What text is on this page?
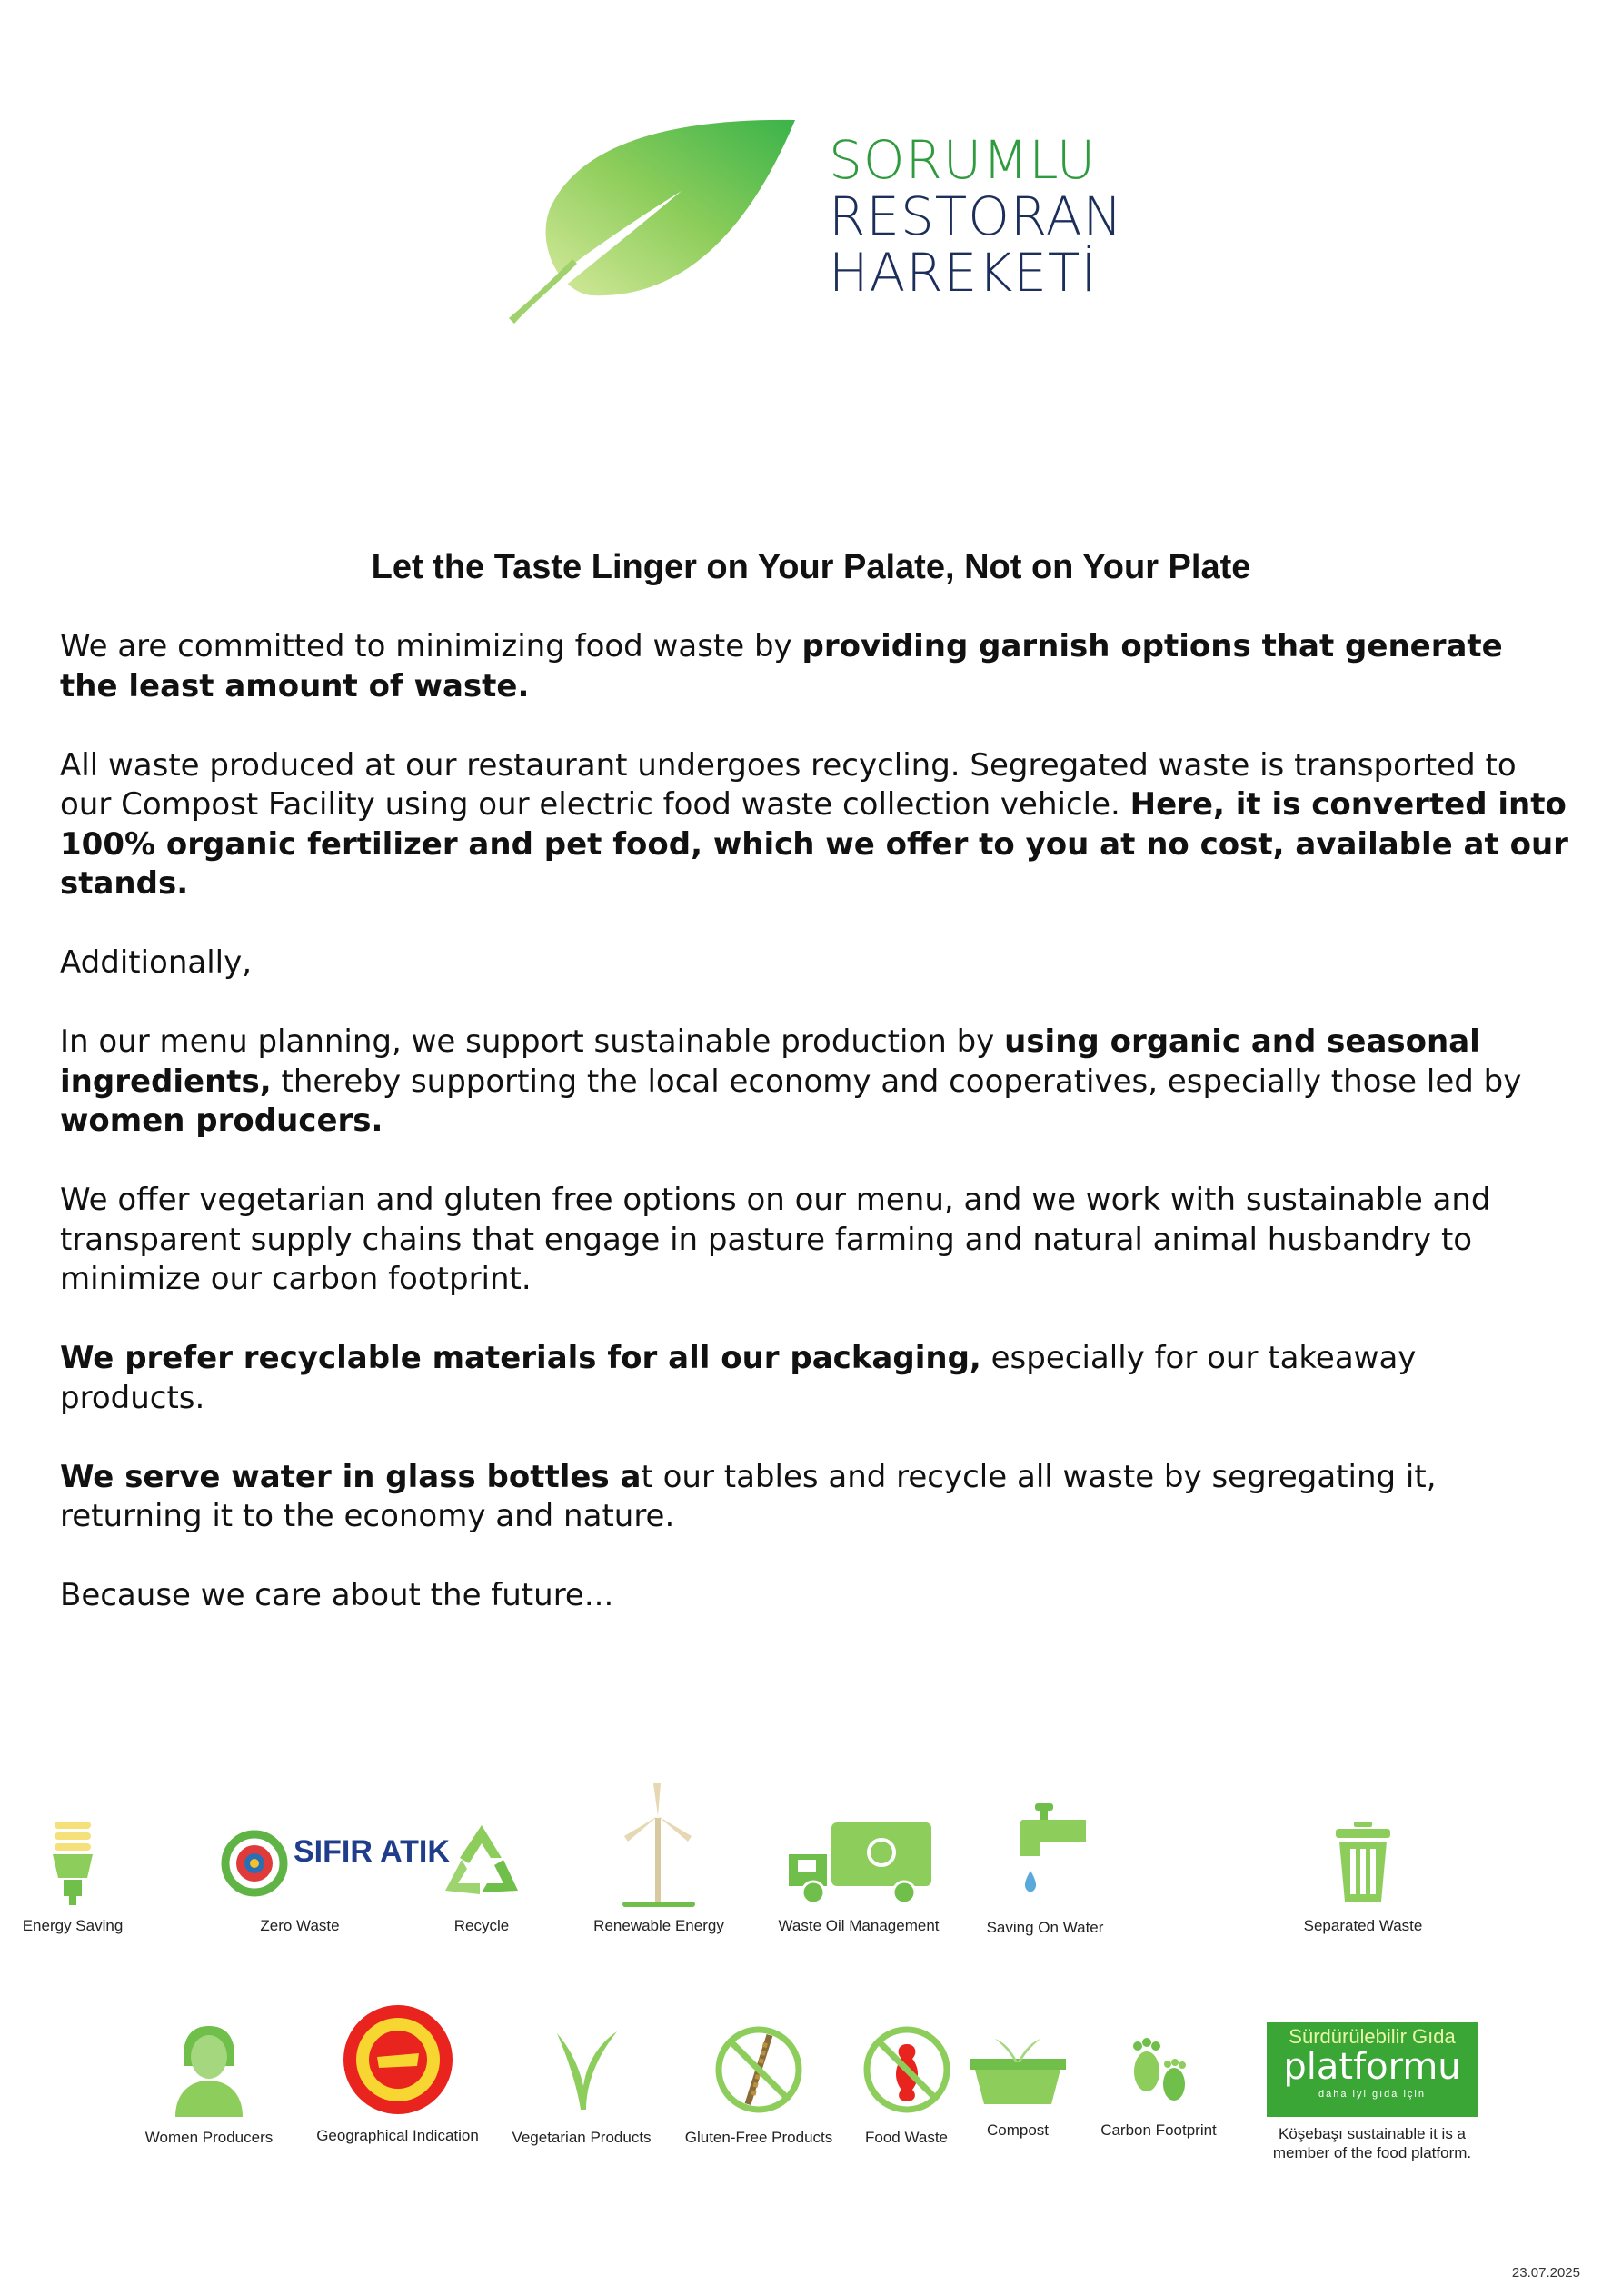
SORUMLU
RESTORAN
HAREKETİ
Let the Taste Linger on Your Palate, Not on Your Plate

We are committed to minimizing food waste by providing garnish options that generate the least amount of waste.

All waste produced at our restaurant undergoes recycling. Segregated waste is transported to our Compost Facility using our electric food waste collection vehicle. Here, it is converted into 100% organic fertilizer and pet food, which we offer to you at no cost, available at our stands.

Additionally,

In our menu planning, we support sustainable production by using organic and seasonal ingredients, thereby supporting the local economy and cooperatives, especially those led by women producers.

We offer vegetarian and gluten free options on our menu, and we work with sustainable and transparent supply chains that engage in pasture farming and natural animal husbandry to minimize our carbon footprint.

We prefer recyclable materials for all our packaging, especially for our takeaway products.

We serve water in glass bottles at our tables and recycle all waste by segregating it, returning it to the economy and nature.

Because we care about the future...

SIFIR ATIK
Zero Waste	Recycle	Renewable Energy	Waste Oil Management	Saving On Water
Energy Saving	Separated Waste
Women Producers	Geographical Indication	Vegetarian Products	Gluten-Free Products	Food Waste	Compost	Carbon Footprint
Sürdürülebilir Gıda
platformu
daha iyi gıda için
Köşebaşı sustainable it is a member of the food platform.
23.07.2025
